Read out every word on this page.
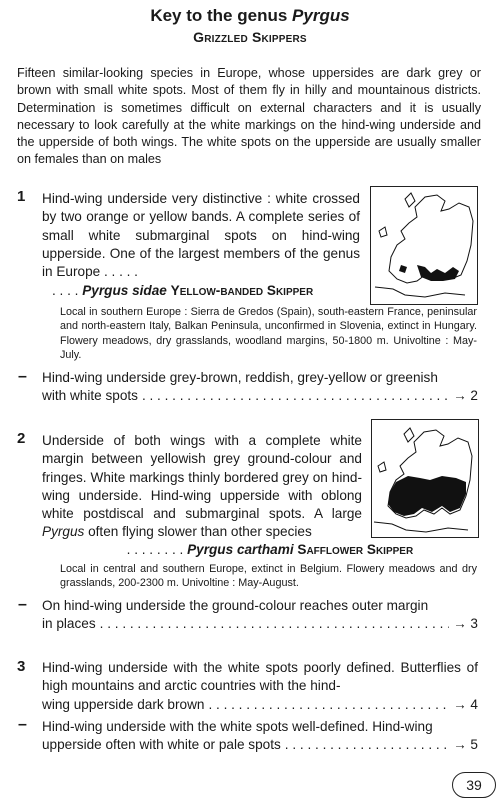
Key to the genus Pyrgus
Grizzled Skippers
Fifteen similar-looking species in Europe, whose uppersides are dark grey or brown with small white spots. Most of them fly in hilly and mountainous districts. Determination is sometimes difficult on external characters and it is usually necessary to look carefully at the white markings on the hind-wing underside and the upperside of both wings. The white spots on the upperside are usually smaller on females than on males
1 Hind-wing underside very distinctive : white crossed by two orange or yellow bands. A complete series of small white submarginal spots on hind-wing upperside. One of the largest members of the genus in Europe . . . . .
. . . . Pyrgus sidae Yellow-banded Skipper
Local in southern Europe : Sierra de Gredos (Spain), south-eastern France, peninsular and north-eastern Italy, Balkan Peninsula, unconfirmed in Slovenia, extinct in Hungary. Flowery meadows, dry grasslands, woodland margins, 50-1800 m. Univoltine : May-July.
– Hind-wing underside grey-brown, reddish, grey-yellow or greenish
with white spots . . .	→ 2
2 Underside of both wings with a complete white margin between yellowish grey ground-colour and fringes. White markings thinly bordered grey on hind-wing underside. Hind-wing upperside with oblong white postdiscal and submarginal spots. A large Pyrgus often flying slower than other species
. . . . . . . . Pyrgus carthami Safflower Skipper
Local in central and southern Europe, extinct in Belgium. Flowery meadows and dry grasslands, 200-2300 m. Univoltine : May-August.
– On hind-wing underside the ground-colour reaches outer margin
in places . . .	→ 3
3 Hind-wing underside with the white spots poorly defined. Butterflies of high mountains and arctic countries with the hind-
wing upperside dark brown . . .	→ 4
– Hind-wing underside with the white spots well-defined. Hind-wing
upperside often with white or pale spots . . .	→ 5
39
